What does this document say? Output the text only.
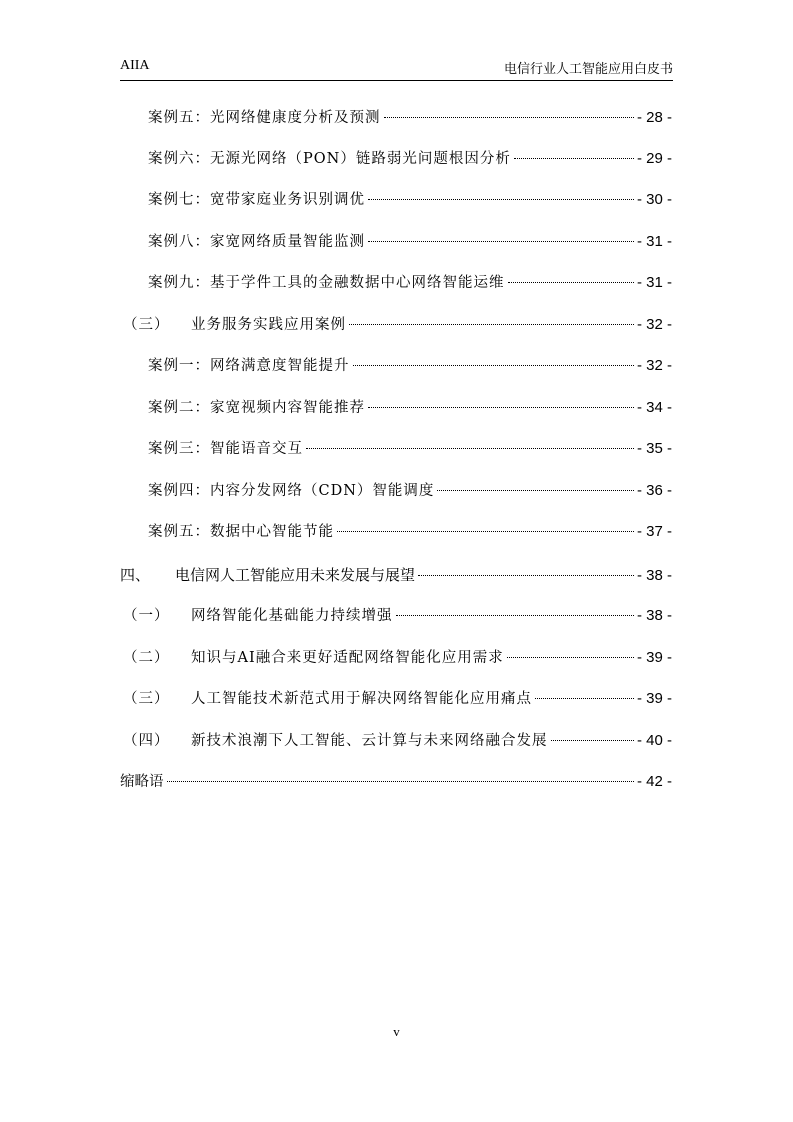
AIIA	电信行业人工智能应用白皮书
案例五：光网络健康度分析及预测	- 28 -
案例六：无源光网络（PON）链路弱光问题根因分析	- 29 -
案例七：宽带家庭业务识别调优	- 30 -
案例八：家宽网络质量智能监测	- 31 -
案例九：基于学件工具的金融数据中心网络智能运维	- 31 -
（三）	业务服务实践应用案例	- 32 -
案例一：网络满意度智能提升	- 32 -
案例二：家宽视频内容智能推荐	- 34 -
案例三：智能语音交互	- 35 -
案例四：内容分发网络（CDN）智能调度	- 36 -
案例五：数据中心智能节能	- 37 -
四、	电信网人工智能应用未来发展与展望	- 38 -
（一）	网络智能化基础能力持续增强	- 38 -
（二）	知识与AI融合来更好适配网络智能化应用需求	- 39 -
（三）	人工智能技术新范式用于解决网络智能化应用痛点	- 39 -
（四）	新技术浪潮下人工智能、云计算与未来网络融合发展	- 40 -
缩略语	- 42 -
v
